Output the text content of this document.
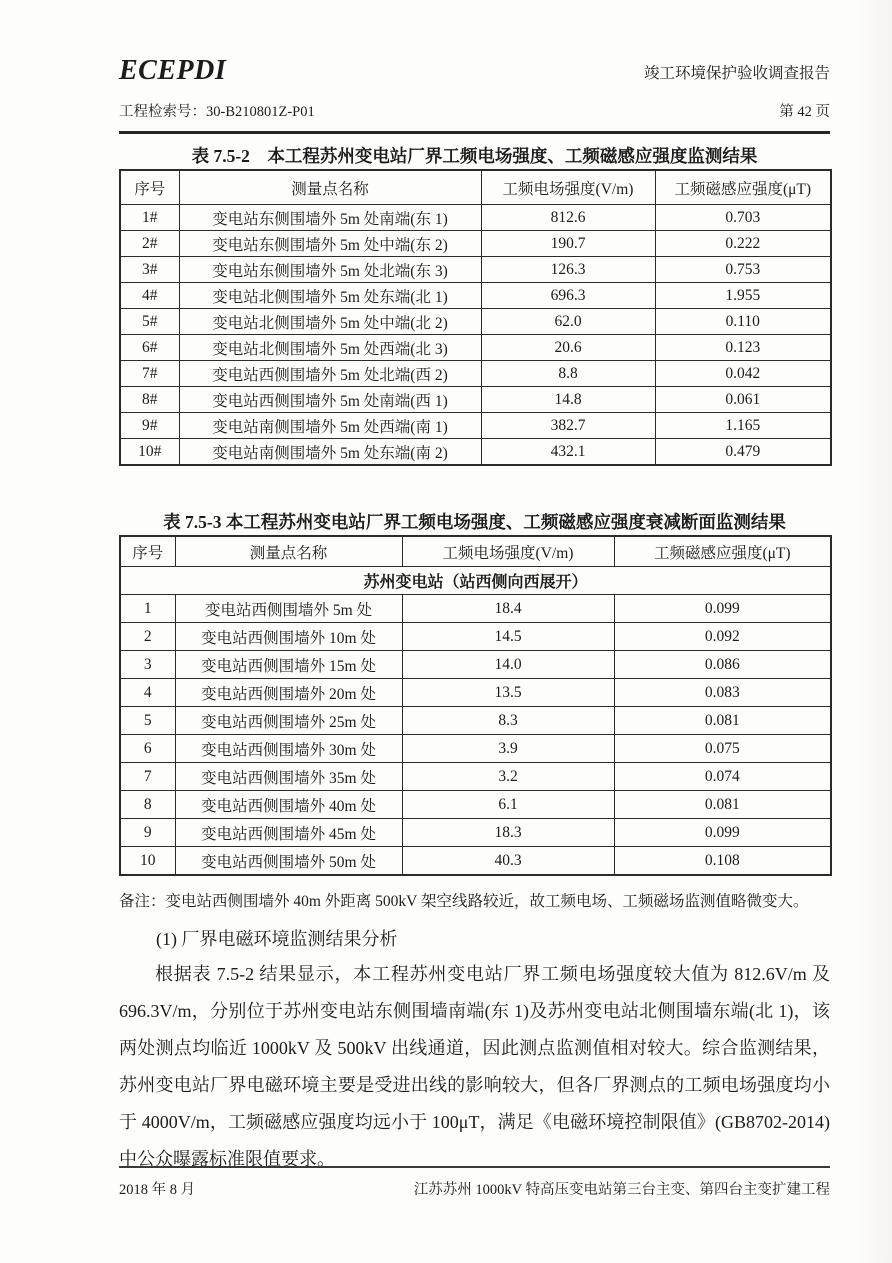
ECEPDI	竣工环境保护验收调查报告
工程检索号：30-B210801Z-P01	第 42 页
表 7.5-2　本工程苏州变电站厂界工频电场强度、工频磁感应强度监测结果
序号	测量点名称	工频电场强度(V/m)	工频磁感应强度(μT)
1#	变电站东侧围墙外 5m 处南端(东 1)	812.6	0.703
2#	变电站东侧围墙外 5m 处中端(东 2)	190.7	0.222
3#	变电站东侧围墙外 5m 处北端(东 3)	126.3	0.753
4#	变电站北侧围墙外 5m 处东端(北 1)	696.3	1.955
5#	变电站北侧围墙外 5m 处中端(北 2)	62.0	0.110
6#	变电站北侧围墙外 5m 处西端(北 3)	20.6	0.123
7#	变电站西侧围墙外 5m 处北端(西 2)	8.8	0.042
8#	变电站西侧围墙外 5m 处南端(西 1)	14.8	0.061
9#	变电站南侧围墙外 5m 处西端(南 1)	382.7	1.165
10#	变电站南侧围墙外 5m 处东端(南 2)	432.1	0.479
表 7.5-3 本工程苏州变电站厂界工频电场强度、工频磁感应强度衰减断面监测结果
序号	测量点名称	工频电场强度(V/m)	工频磁感应强度(μT)
苏州变电站（站西侧向西展开）			
1	变电站西侧围墙外 5m 处	18.4	0.099
2	变电站西侧围墙外 10m 处	14.5	0.092
3	变电站西侧围墙外 15m 处	14.0	0.086
4	变电站西侧围墙外 20m 处	13.5	0.083
5	变电站西侧围墙外 25m 处	8.3	0.081
6	变电站西侧围墙外 30m 处	3.9	0.075
7	变电站西侧围墙外 35m 处	3.2	0.074
8	变电站西侧围墙外 40m 处	6.1	0.081
9	变电站西侧围墙外 45m 处	18.3	0.099
10	变电站西侧围墙外 50m 处	40.3	0.108
备注：变电站西侧围墙外 40m 外距离 500kV 架空线路较近，故工频电场、工频磁场监测值略微变大。
(1) 厂界电磁环境监测结果分析
根据表 7.5-2 结果显示，本工程苏州变电站厂界工频电场强度较大值为 812.6V/m 及 696.3V/m，分别位于苏州变电站东侧围墙南端(东 1)及苏州变电站北侧围墙东端(北 1)，该两处测点均临近 1000kV 及 500kV 出线通道，因此测点监测值相对较大。综合监测结果，苏州变电站厂界电磁环境主要是受进出线的影响较大，但各厂界测点的工频电场强度均小于 4000V/m，工频磁感应强度均远小于 100μT，满足《电磁环境控制限值》(GB8702-2014)中公众曝露标准限值要求。
2018 年 8 月	江苏苏州 1000kV 特高压变电站第三台主变、第四台主变扩建工程
